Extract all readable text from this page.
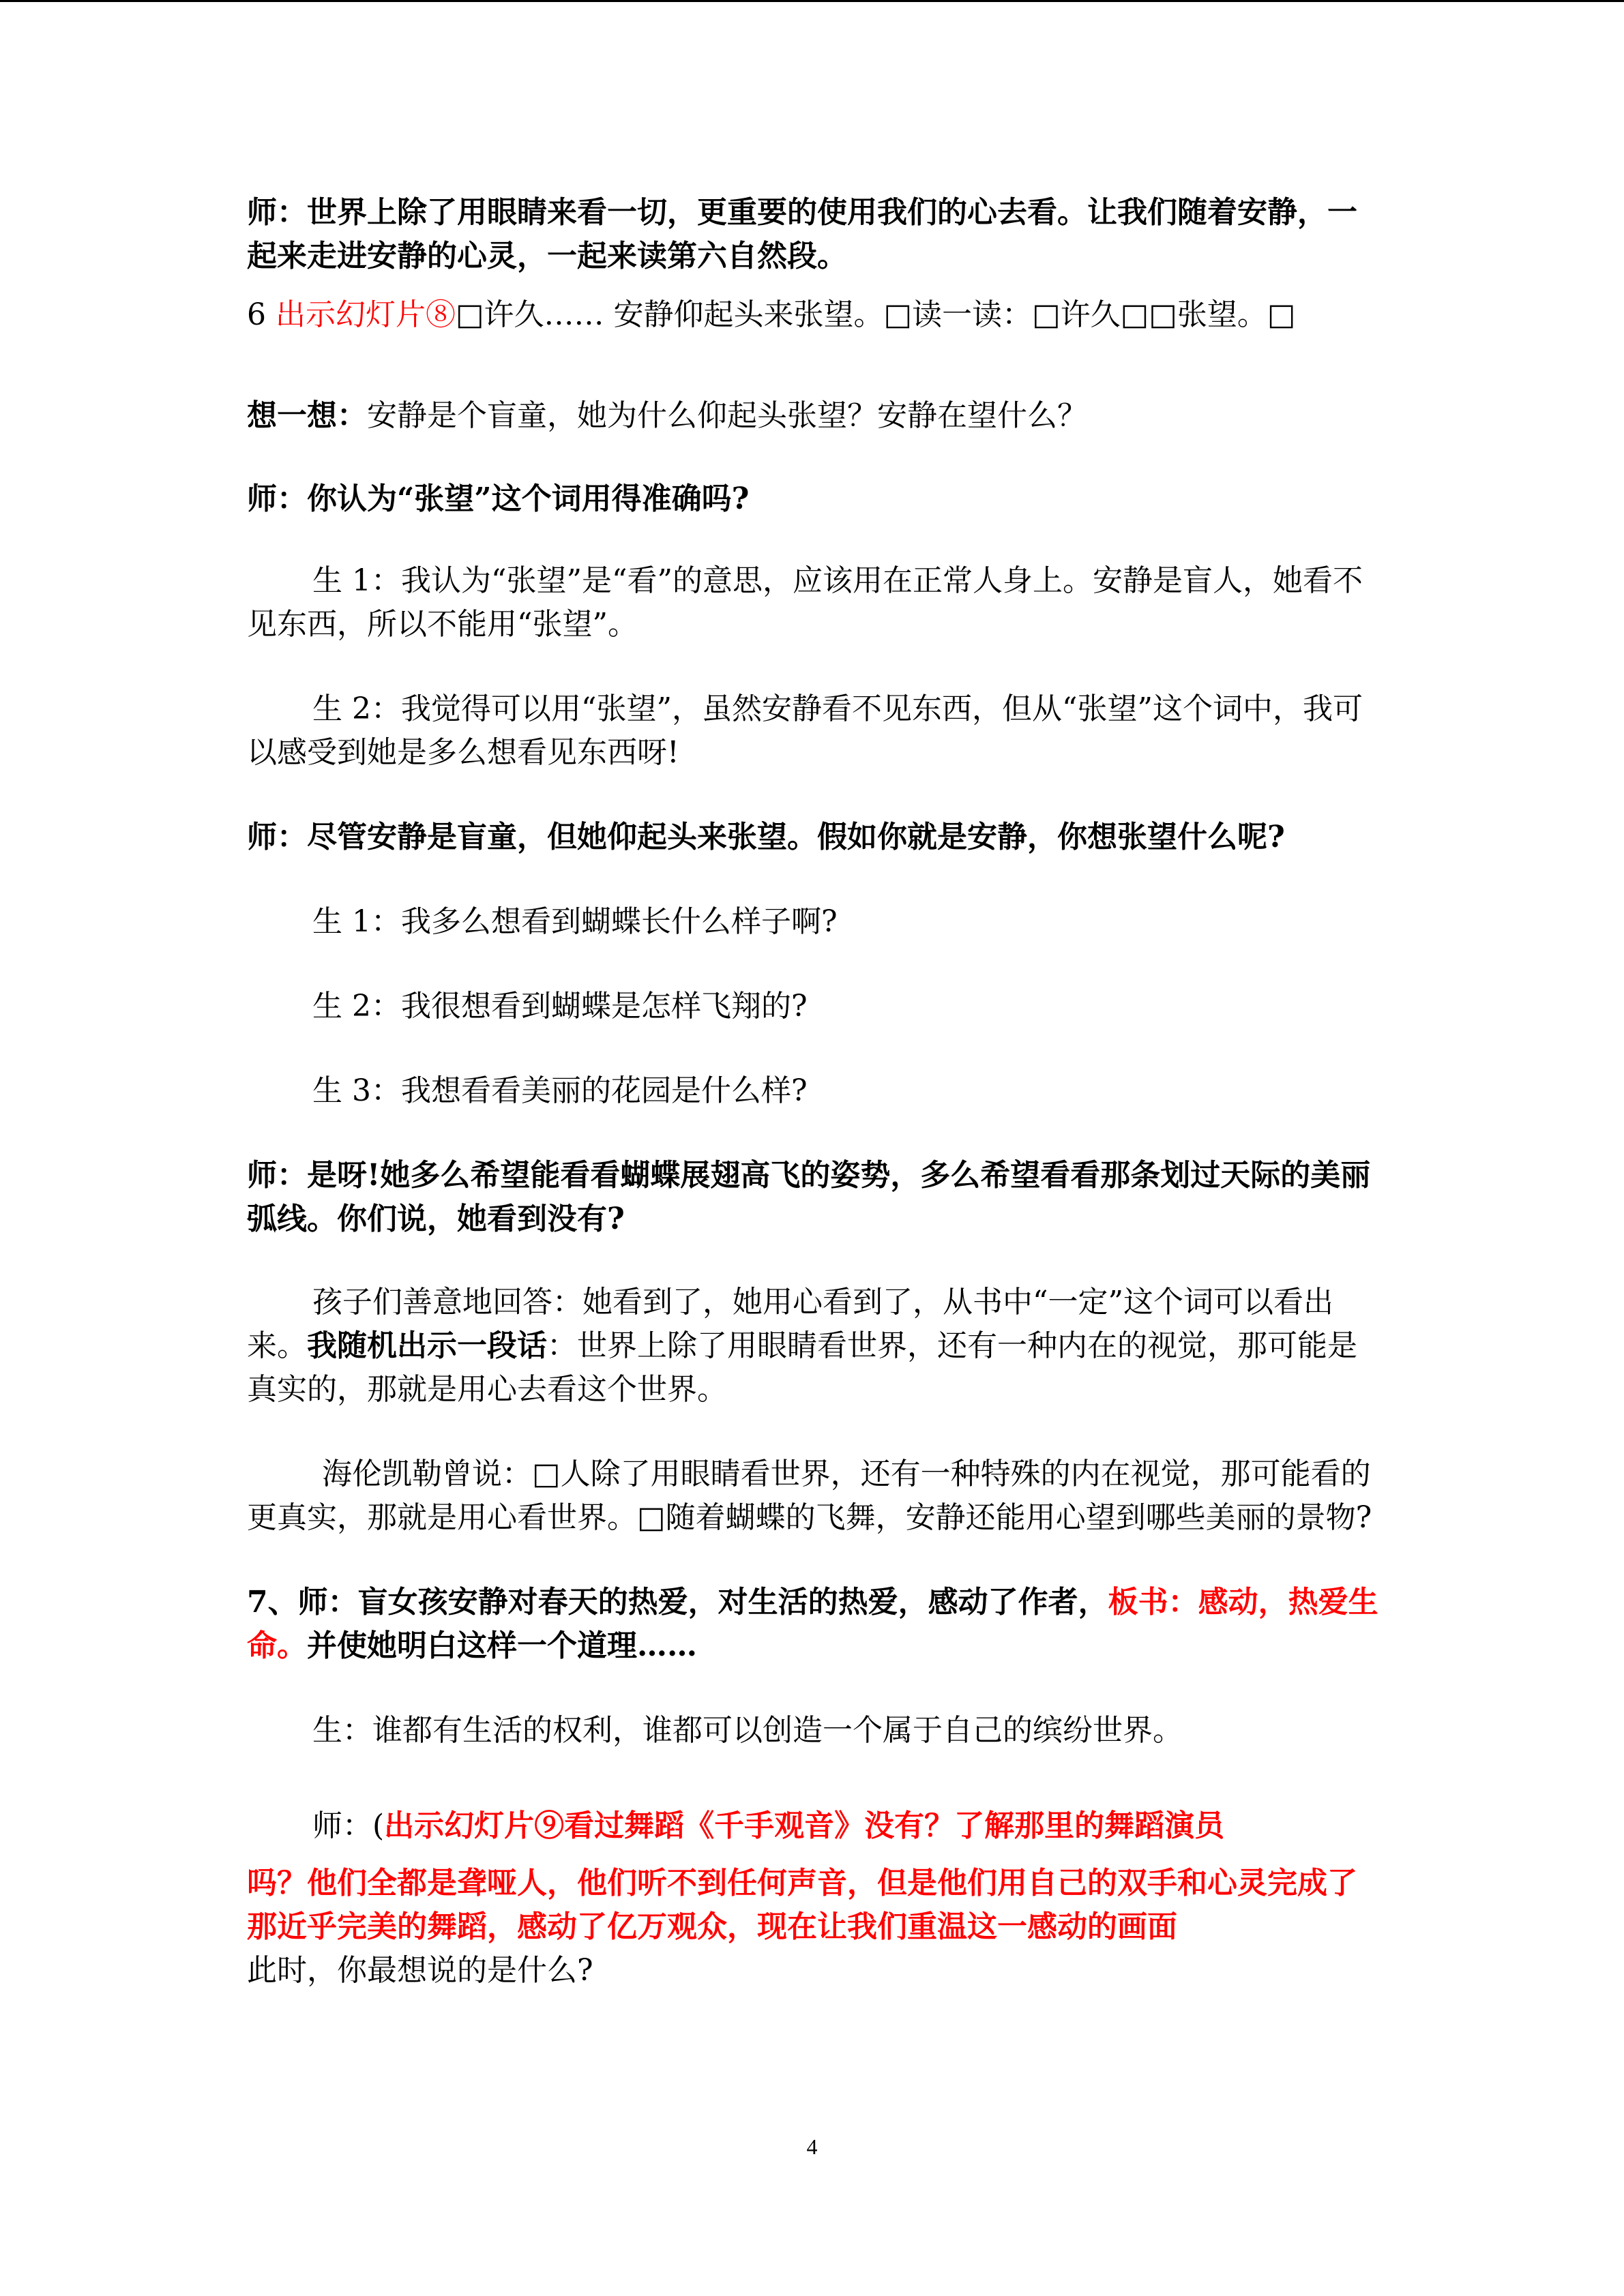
师：世界上除了用眼睛来看一切，更重要的使用我们的心去看。让我们随着安静，一起来走进安静的心灵，一起来读第六自然段。

6 出示幻灯片⑧□许久…… 安静仰起头来张望。□读一读：□许久□□张望。□

想一想：安静是个盲童，她为什么仰起头张望？安静在望什么？

师：你认为“张望”这个词用得准确吗?

生 1：我认为“张望”是“看”的意思，应该用在正常人身上。安静是盲人，她看不见东西，所以不能用“张望”。

生 2：我觉得可以用“张望”，虽然安静看不见东西，但从“张望”这个词中，我可以感受到她是多么想看见东西呀!

师：尽管安静是盲童，但她仰起头来张望。假如你就是安静，你想张望什么呢?

生 1：我多么想看到蝴蝶长什么样子啊?

生 2：我很想看到蝴蝶是怎样飞翔的?

生 3：我想看看美丽的花园是什么样?

师：是呀!她多么希望能看看蝴蝶展翅高飞的姿势，多么希望看看那条划过天际的美丽弧线。你们说，她看到没有?

孩子们善意地回答：她看到了，她用心看到了，从书中“一定”这个词可以看出来。我随机出示一段话：世界上除了用眼睛看世界，还有一种内在的视觉，那可能是真实的，那就是用心去看这个世界。

海伦凯勒曾说：□人除了用眼睛看世界，还有一种特殊的内在视觉，那可能看的更真实，那就是用心看世界。□随着蝴蝶的飞舞，安静还能用心望到哪些美丽的景物?

7、师：盲女孩安静对春天的热爱，对生活的热爱，感动了作者，板书：感动，热爱生命。并使她明白这样一个道理……

生：谁都有生活的权利，谁都可以创造一个属于自己的缤纷世界。

师：(出示幻灯片⑨看过舞蹈《千手观音》没有？了解那里的舞蹈演员

吗？他们全都是聋哑人，他们听不到任何声音，但是他们用自己的双手和心灵完成了那近乎完美的舞蹈，感动了亿万观众，现在让我们重温这一感动的画面
此时，你最想说的是什么?

4
